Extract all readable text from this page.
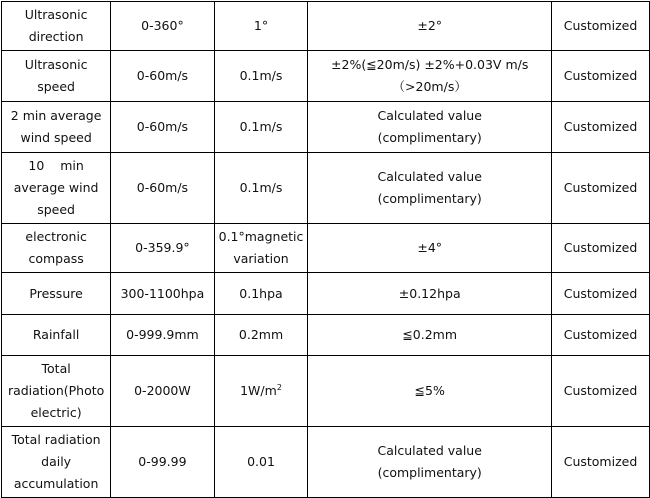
Ultrasonic
direction	0-360°	1°	±2°	Customized

Ultrasonic
speed	0-60m/s	0.1m/s	±2%(≦20m/s) ±2%+0.03V m/s
（>20m/s）	Customized

2 min average
wind speed	0-60m/s	0.1m/s	Calculated value
(complimentary)	Customized

10    min
average wind
speed	0-60m/s	0.1m/s	Calculated value
(complimentary)	Customized

electronic
compass	0-359.9°	0.1°magnetic
variation	±4°	Customized

Pressure	300-1100hpa	0.1hpa	±0.12hpa	Customized

Rainfall	0-999.9mm	0.2mm	≦0.2mm	Customized

Total
radiation(Photo
electric)	0-2000W	$1W/m^2$	≦5%	Customized

Total radiation
daily
accumulation	0-99.99	0.01	Calculated value
(complimentary)	Customized
